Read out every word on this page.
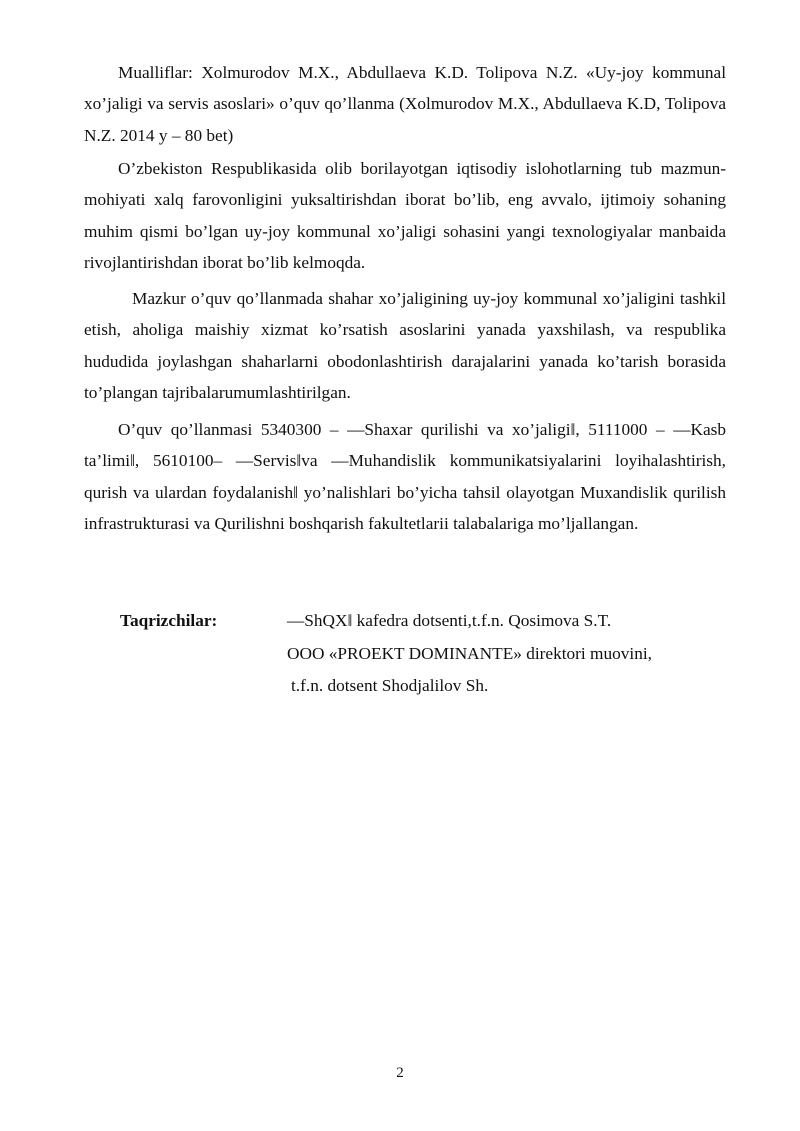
Mualliflar: Xolmurodov M.X., Abdullaeva K.D. Tolipova N.Z. «Uy-joy kommunal xo’jaligi va servis asoslari» o’quv qo’llanma (Xolmurodov M.X., Abdullaeva K.D, Tolipova N.Z. 2014 y – 80 bet)

O’zbekiston Respublikasida olib borilayotgan iqtisodiy islohotlarning tub mazmun-mohiyati xalq farovonligini yuksaltirishdan iborat bo’lib, eng avvalo, ijtimoiy sohaning muhim qismi bo’lgan uy-joy kommunal xo’jaligi sohasini yangi texnologiyalar manbaida rivojlantirishdan iborat bo’lib kelmoqda.

Mazkur o’quv qo’llanmada shahar xo’jaligining uy-joy kommunal xo’jaligini tashkil etish, aholiga maishiy xizmat ko’rsatish asoslarini yanada yaxshilash, va respublika hududida joylashgan shaharlarni obodonlashtirish darajalarini yanada ko’tarish borasida to’plangan tajribalarumumlashtirilgan.

O’quv qo’llanmasi 5340300 – ―Shaxar qurilishi va xo’jaligi‖, 5111000 – ―Kasb ta’limi‖, 5610100– ―Servis‖va ―Muhandislik kommunikatsiyalarini loyihalashtirish, qurish va ulardan foydalanish‖ yo’nalishlari bo’yicha tahsil olayotgan Muxandislik qurilish infrastrukturasi va Qurilishni boshqarish fakultetlarii talabalariga mo’ljallangan.

Taqrizchilar:	―ShQX‖ kafedra dotsenti,t.f.n. Qosimova S.T.

OOO «PROEKT DOMINANTE» direktori muovini,

t.f.n. dotsent Shodjalilov Sh.

2
